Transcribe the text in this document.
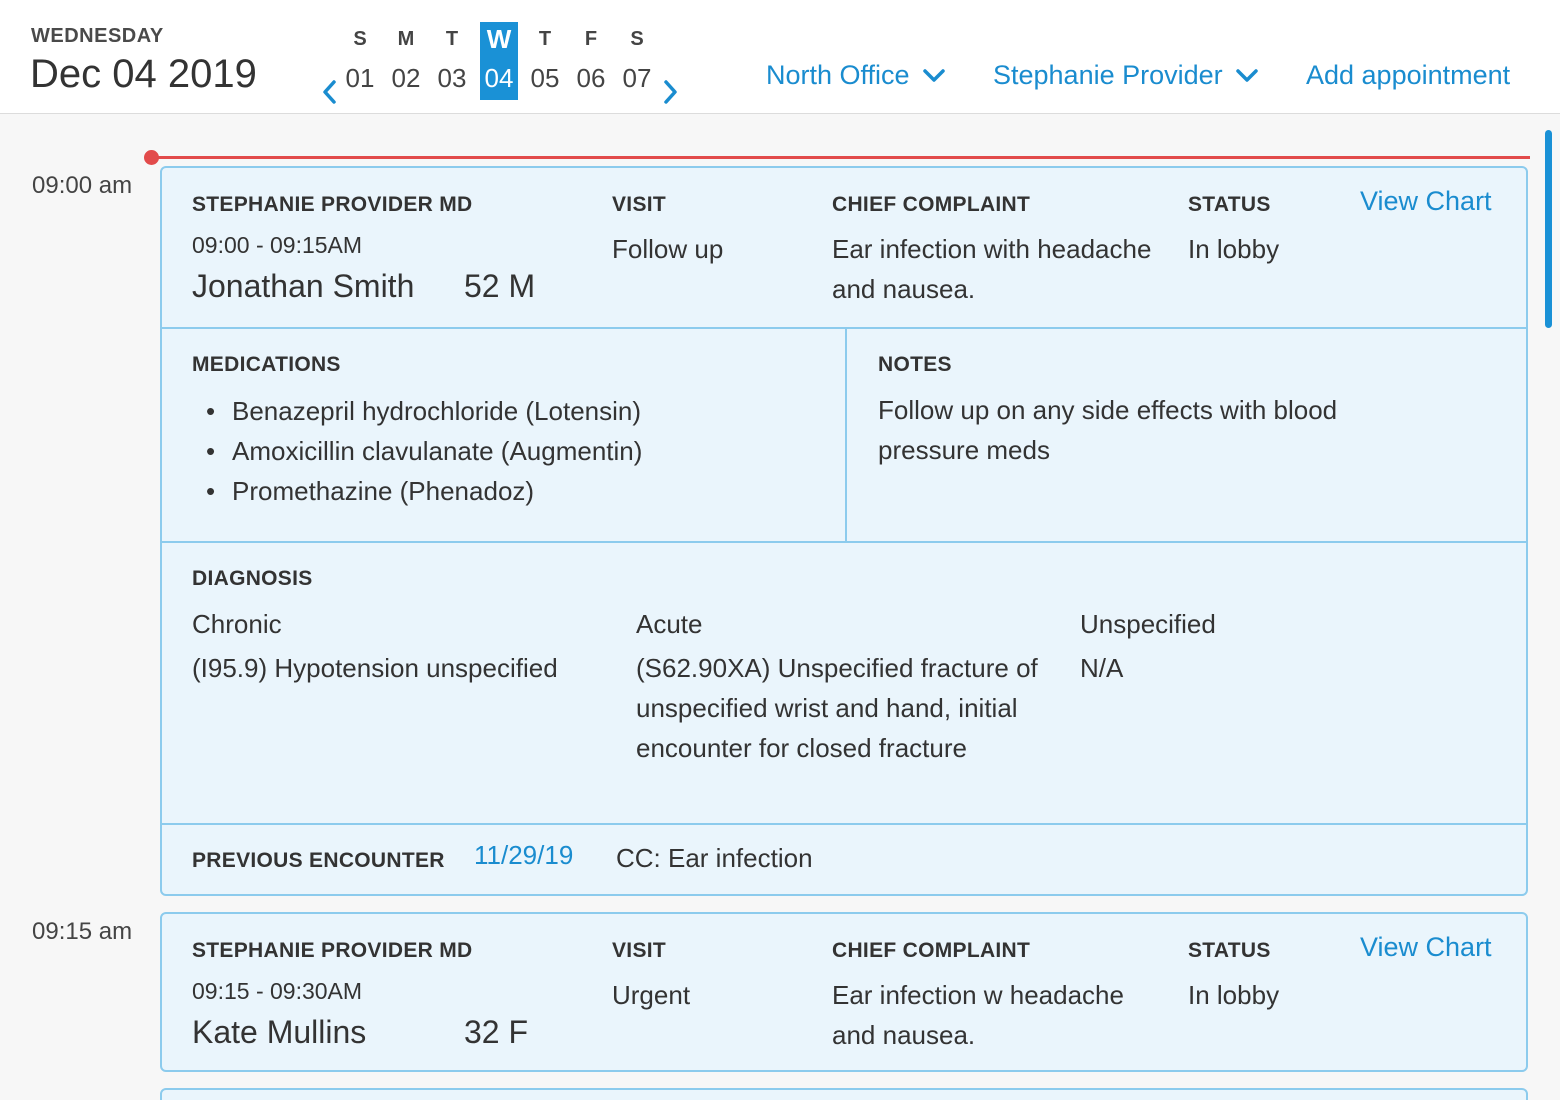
WEDNESDAY
Dec 04 2019
S
01
M
02
T
03
W
04
T
05
F
06
S
07	North Office	Stephanie Provider	Add appointment
09:00 am
STEPHANIE PROVIDER MD
09:00 - 09:15AM
Jonathan Smith 52 M
VISIT
Follow up
CHIEF COMPLAINT
Ear infection with headache and nausea.
STATUS
In lobby
View Chart
MEDICATIONS
• Benazepril hydrochloride (Lotensin)
• Amoxicillin clavulanate (Augmentin)
• Promethazine (Phenadoz)
NOTES
Follow up on any side effects with blood pressure meds
DIAGNOSIS
Chronic
(I95.9) Hypotension unspecified
Acute
(S62.90XA) Unspecified fracture of unspecified wrist and hand, initial encounter for closed fracture
Unspecified
N/A
PREVIOUS ENCOUNTER 11/29/19 CC: Ear infection
09:15 am
STEPHANIE PROVIDER MD
09:15 - 09:30AM
Kate Mullins	32 F
VISIT
Urgent
CHIEF COMPLAINT
Ear infection w headache and nausea.
STATUS
In lobby
View Chart
